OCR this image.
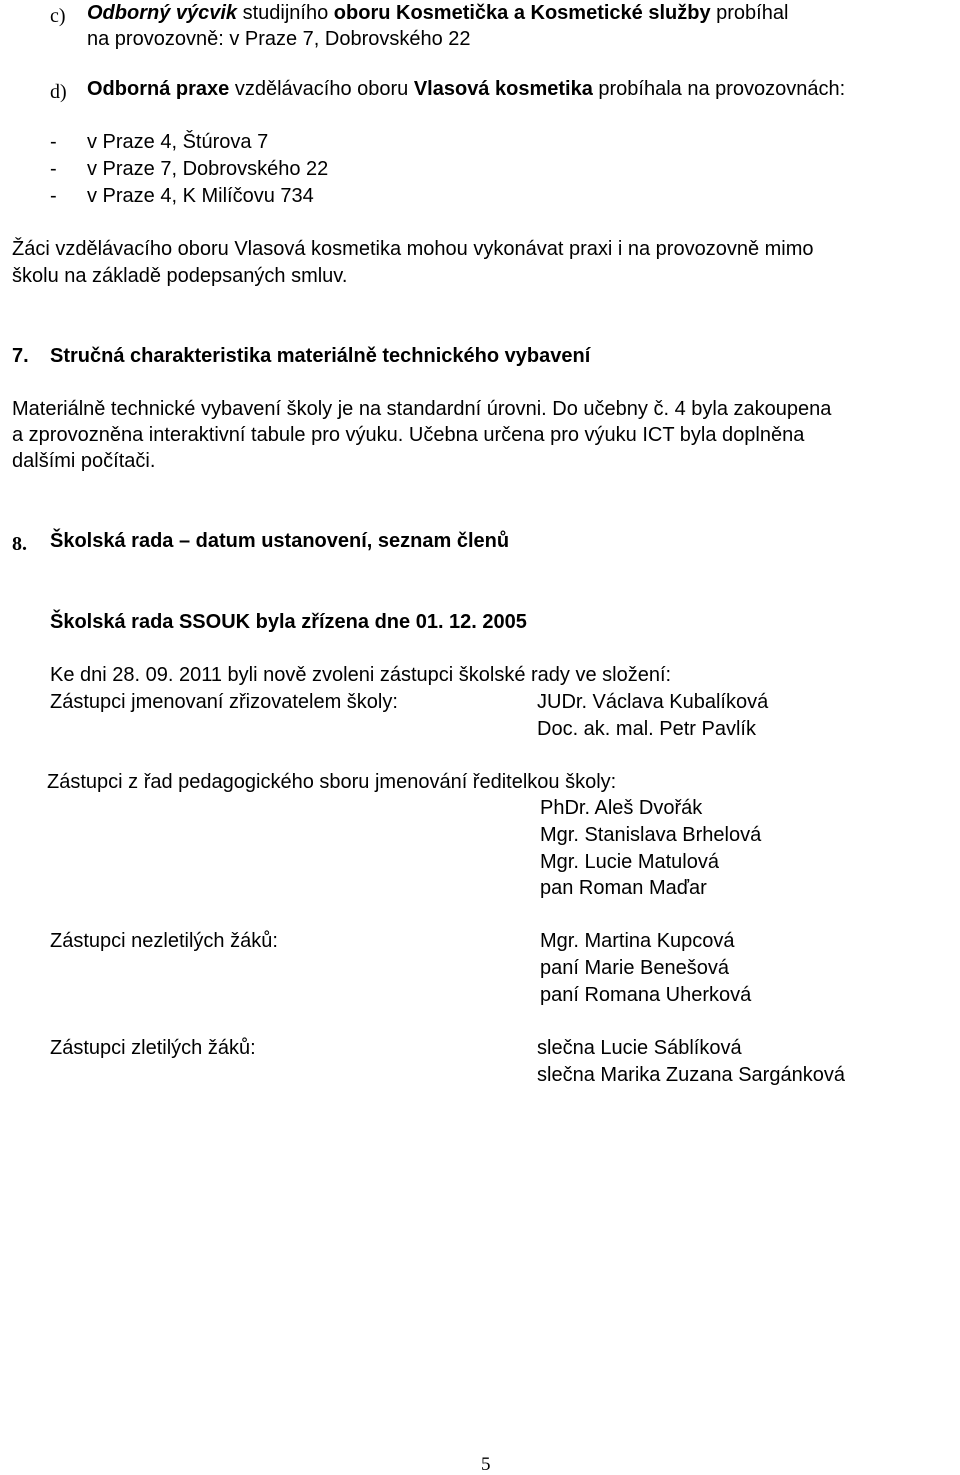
c) Odborný výcvik studijního oboru Kosmetička a Kosmetické služby probíhal
na provozovně: v Praze 7, Dobrovského 22
d) Odborná praxe vzdělávacího oboru Vlasová kosmetika probíhala na provozovnách:
- v Praze 4, Štúrova 7
- v Praze 7, Dobrovského 22
- v Praze 4, K Milíčovu 734
Žáci vzdělávacího oboru Vlasová kosmetika mohou vykonávat praxi i na provozovně mimo
školu na základě podepsaných smluv.
7. Stručná charakteristika materiálně technického vybavení
Materiálně technické vybavení školy je na standardní úrovni. Do učebny č. 4 byla zakoupena
a zprovozněna interaktivní tabule pro výuku. Učebna určena pro výuku ICT byla doplněna
dalšími počítači.
8. Školská rada – datum ustanovení, seznam členů
Školská rada SSOUK byla zřízena dne 01. 12. 2005
Ke dni 28. 09. 2011 byli nově zvoleni zástupci školské rady ve složení:
Zástupci jmenovaní zřizovatelem školy:	JUDr. Václava Kubalíková
Doc. ak. mal. Petr Pavlík
Zástupci z řad pedagogického sboru jmenování ředitelkou školy:
PhDr. Aleš Dvořák
Mgr. Stanislava Brhelová
Mgr. Lucie Matulová
pan Roman Maďar
Zástupci nezletilých žáků:	Mgr. Martina Kupcová
paní Marie Benešová
paní Romana Uherková
Zástupci zletilých žáků:	slečna Lucie Sáblíková
slečna Marika Zuzana Sargánková
5
